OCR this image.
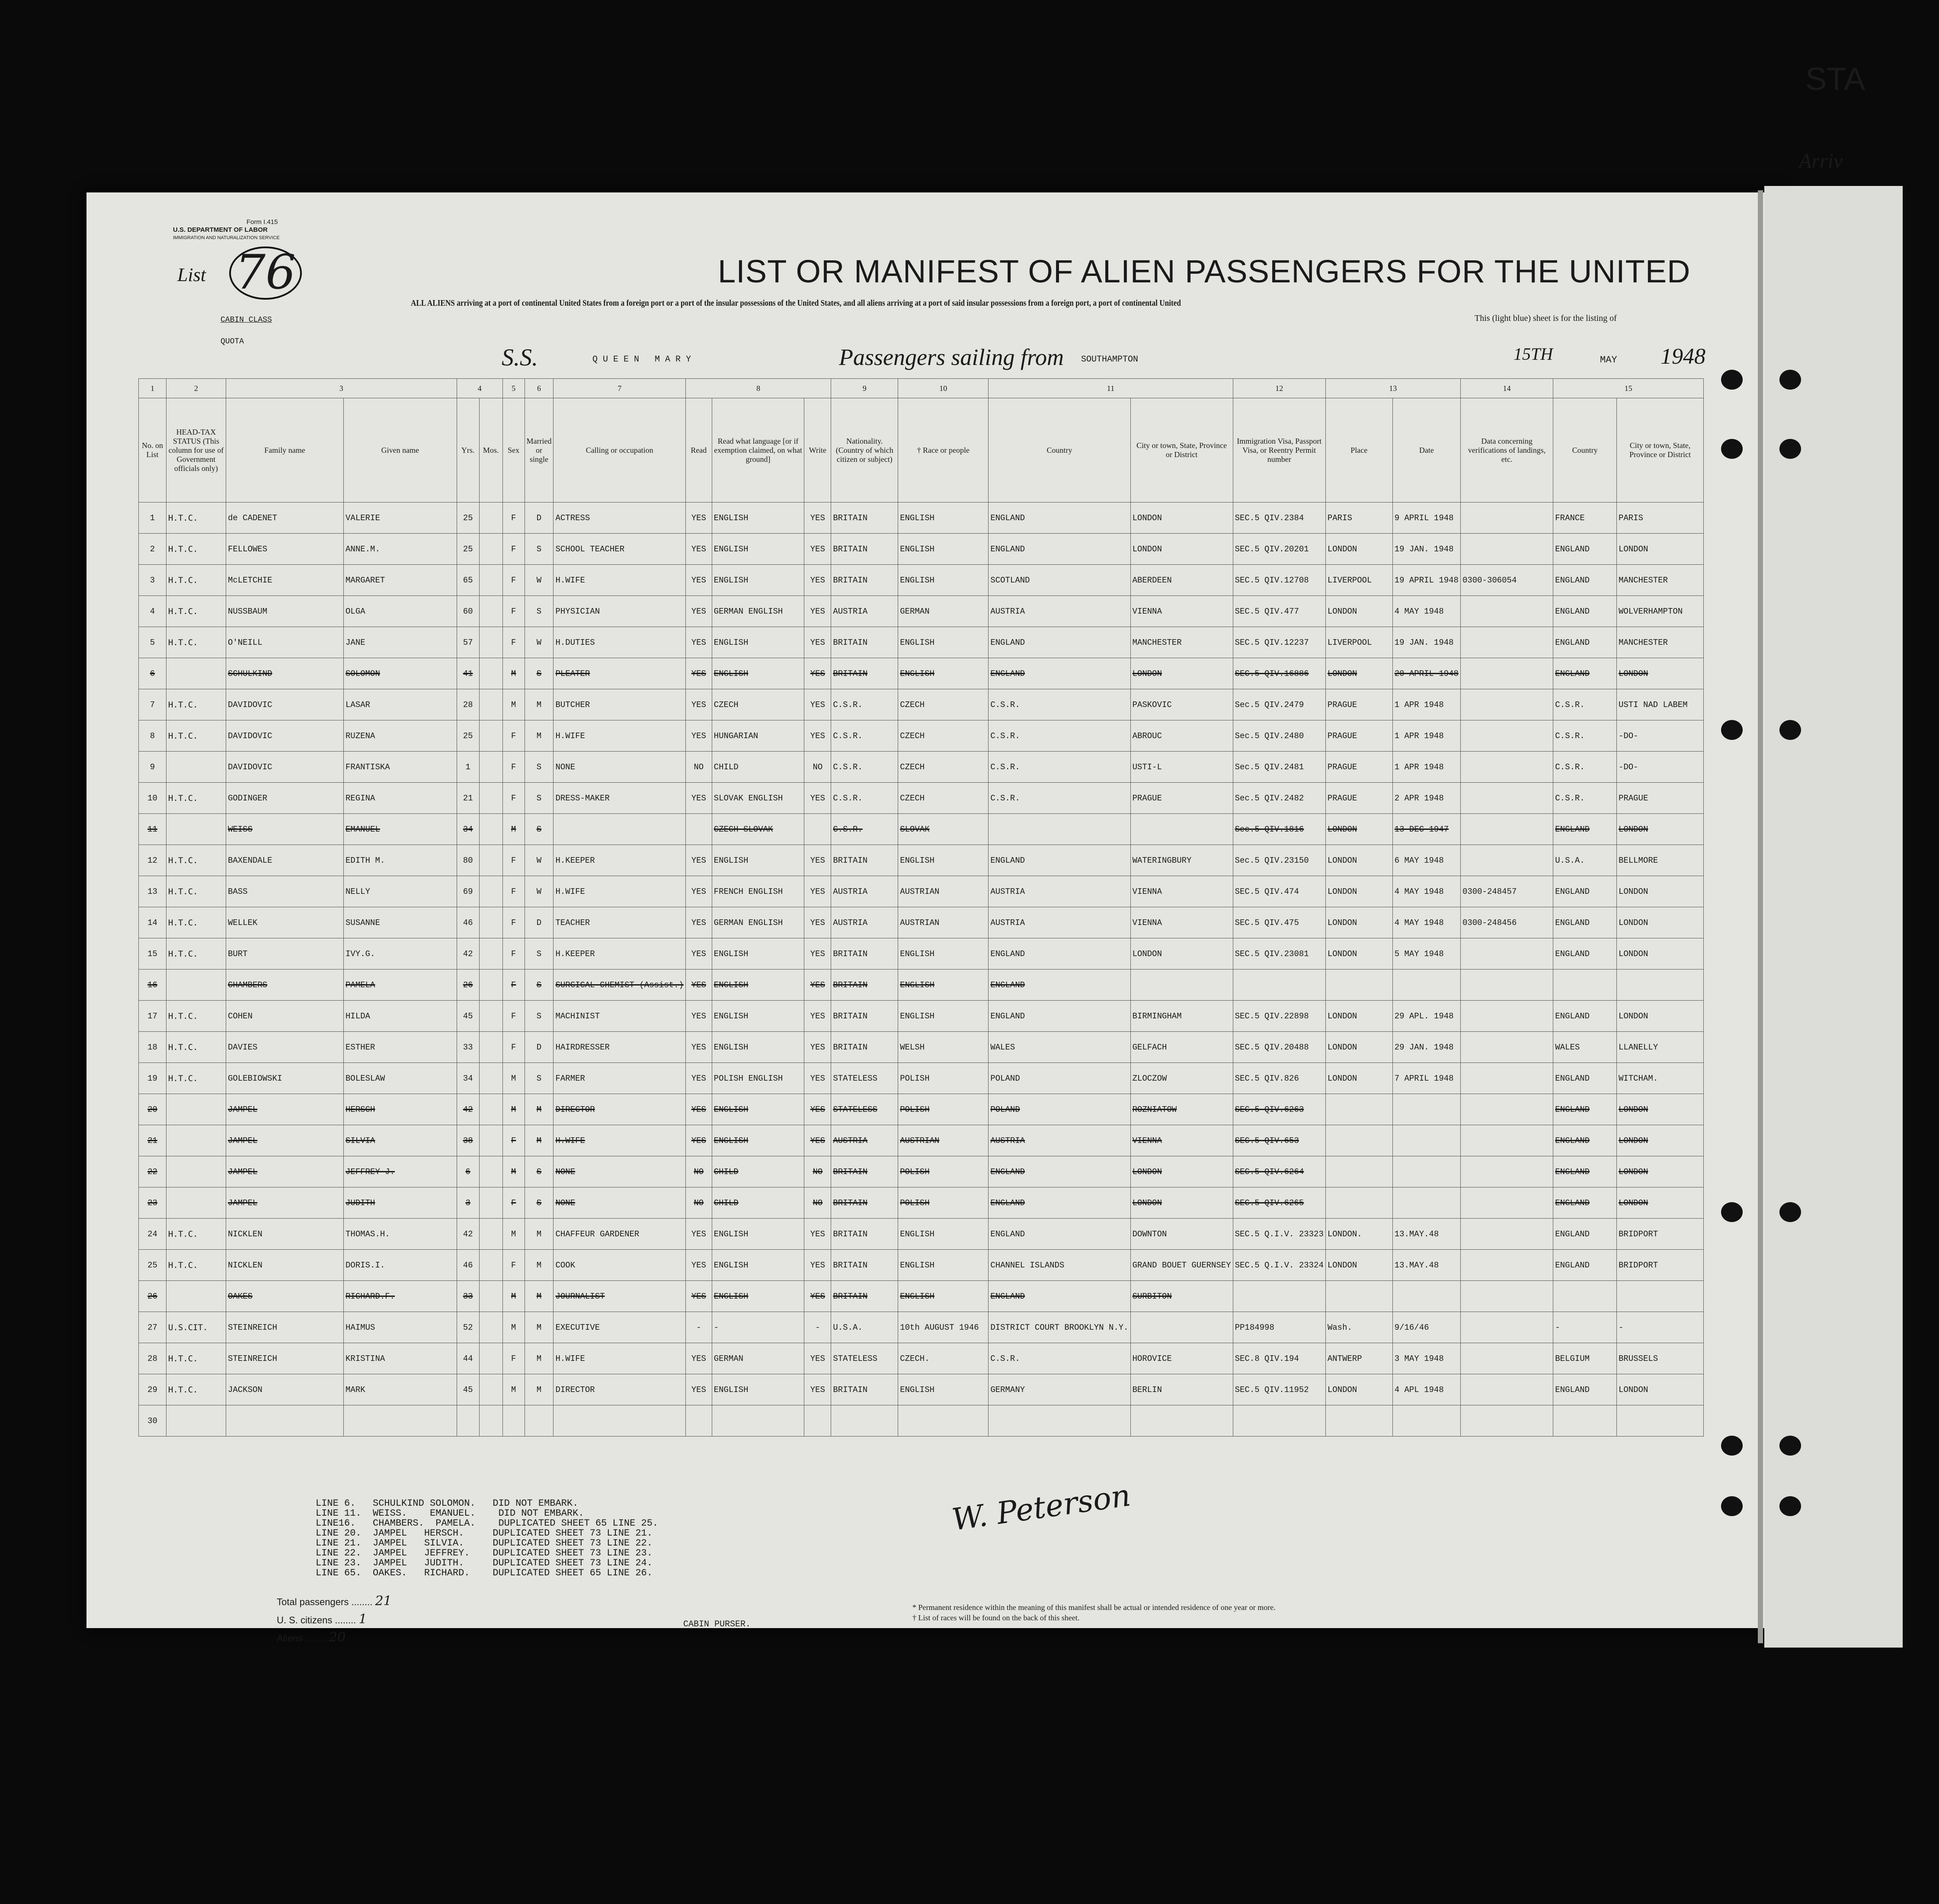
Form I.415
U.S. DEPARTMENT OF LABOR
IMMIGRATION AND NATURALIZATION SERVICE
List 76
CABIN CLASS
QUOTA
LIST OR MANIFEST OF ALIEN PASSENGERS FOR THE UNITED
ALL ALIENS arriving at a port of continental United States from a foreign port or a port of the insular possessions of the United States, and all aliens arriving at a port of said insular possessions from a foreign port, a port of continental United
This (light blue) sheet is for the listing of
S.S.	QUEEN MARY	Passengers sailing from SOUTHAMPTON	15TH	MAY 1948
1	2	3		4		5	6	7	8			9	10	11		12	13		14	15	
No. on List	HEAD-TAX STATUS (This column for use of Government officials only)	Family name	Given name	Yrs.	Mos.	Sex	Married or single	Calling or occupation	Read	Read what language [or if exemption claimed, on what ground]	Write	Nationality. (Country of which citizen or subject)	† Race or people	Country	City or town, State, Province or District	Immigration Visa, Passport Visa, or Reentry Permit number	Place	Date	Data concerning verifications of landings, etc.	Country	City or town, State, Province or District
1	H.T.C.	de CADENET	VALERIE	25		F	D	ACTRESS	YES	ENGLISH	YES	BRITAIN	ENGLISH	ENGLAND	LONDON	SEC.5 QIV.2384	PARIS	9 APRIL 1948		FRANCE	PARIS
2	H.T.C.	FELLOWES	ANNE.M.	25		F	S	SCHOOL TEACHER	YES	ENGLISH	YES	BRITAIN	ENGLISH	ENGLAND	LONDON	SEC.5 QIV.20201	LONDON	19 JAN. 1948		ENGLAND	LONDON
3	H.T.C.	McLETCHIE	MARGARET	65		F	W	H.WIFE	YES	ENGLISH	YES	BRITAIN	ENGLISH	SCOTLAND	ABERDEEN	SEC.5 QIV.12708	LIVERPOOL	19 APRIL 1948	0300-306054	ENGLAND	MANCHESTER
4	H.T.C.	NUSSBAUM	OLGA	60		F	S	PHYSICIAN	YES	GERMAN ENGLISH	YES	AUSTRIA	GERMAN	AUSTRIA	VIENNA	SEC.5 QIV.477	LONDON	4 MAY 1948		ENGLAND	WOLVERHAMPTON
5	H.T.C.	O'NEILL	JANE	57		F	W	H.DUTIES	YES	ENGLISH	YES	BRITAIN	ENGLISH	ENGLAND	MANCHESTER	SEC.5 QIV.12237	LIVERPOOL	19 JAN. 1948		ENGLAND	MANCHESTER
6		SCHULKIND	SOLOMON	41		M	S	PLEATER	YES	ENGLISH	YES	BRITAIN	ENGLISH	ENGLAND	LONDON	SEC.5 QIV.16886	LONDON	20 APRIL 1948		ENGLAND	LONDON
7	H.T.C.	DAVIDOVIC	LASAR	28		M	M	BUTCHER	YES	CZECH	YES	C.S.R.	CZECH	C.S.R.	PASKOVIC	Sec.5 QIV.2479	PRAGUE	1 APR 1948		C.S.R.	USTI NAD LABEM
8	H.T.C.	DAVIDOVIC	RUZENA	25		F	M	H.WIFE	YES	HUNGARIAN	YES	C.S.R.	CZECH	C.S.R.	ABROUC	Sec.5 QIV.2480	PRAGUE	1 APR 1948		C.S.R.	-DO-
9		DAVIDOVIC	FRANTISKA	1		F	S	NONE	NO	CHILD	NO	C.S.R.	CZECH	C.S.R.	USTI-L	Sec.5 QIV.2481	PRAGUE	1 APR 1948		C.S.R.	-DO-
10	H.T.C.	GODINGER	REGINA	21		F	S	DRESS-MAKER	YES	SLOVAK ENGLISH	YES	C.S.R.	CZECH	C.S.R.	PRAGUE	Sec.5 QIV.2482	PRAGUE	2 APR 1948		C.S.R.	PRAGUE
11		WEISS	EMANUEL	34		M	S			CZECH SLOVAK		C.S.R.	SLOVAK			Sec.5 QIV.1816	LONDON	13 DEC 1947		ENGLAND	LONDON
12	H.T.C.	BAXENDALE	EDITH M.	80		F	W	H.KEEPER	YES	ENGLISH	YES	BRITAIN	ENGLISH	ENGLAND	WATERINGBURY	Sec.5 QIV.23150	LONDON	6 MAY 1948		U.S.A.	BELLMORE
13	H.T.C.	BASS	NELLY	69		F	W	H.WIFE	YES	FRENCH ENGLISH	YES	AUSTRIA	AUSTRIAN	AUSTRIA	VIENNA	SEC.5 QIV.474	LONDON	4 MAY 1948	0300-248457	ENGLAND	LONDON
14	H.T.C.	WELLEK	SUSANNE	46		F	D	TEACHER	YES	GERMAN ENGLISH	YES	AUSTRIA	AUSTRIAN	AUSTRIA	VIENNA	SEC.5 QIV.475	LONDON	4 MAY 1948	0300-248456	ENGLAND	LONDON
15	H.T.C.	BURT	IVY.G.	42		F	S	H.KEEPER	YES	ENGLISH	YES	BRITAIN	ENGLISH	ENGLAND	LONDON	SEC.5 QIV.23081	LONDON	5 MAY 1948		ENGLAND	LONDON
16		CHAMBERS	PAMELA	26		F	S	SURGICAL CHEMIST (Assist.)	YES	ENGLISH	YES	BRITAIN	ENGLISH	ENGLAND							
17	H.T.C.	COHEN	HILDA	45		F	S	MACHINIST	YES	ENGLISH	YES	BRITAIN	ENGLISH	ENGLAND	BIRMINGHAM	SEC.5 QIV.22898	LONDON	29 APL. 1948		ENGLAND	LONDON
18	H.T.C.	DAVIES	ESTHER	33		F	D	HAIRDRESSER	YES	ENGLISH	YES	BRITAIN	WELSH	WALES	GELFACH	SEC.5 QIV.20488	LONDON	29 JAN. 1948		WALES	LLANELLY
19	H.T.C.	GOLEBIOWSKI	BOLESLAW	34		M	S	FARMER	YES	POLISH ENGLISH	YES	STATELESS	POLISH	POLAND	ZLOCZOW	SEC.5 QIV.826	LONDON	7 APRIL 1948		ENGLAND	WITCHAM.
20		JAMPEL	HERSCH	42		M	M	DIRECTOR	YES	ENGLISH	YES	STATELESS	POLISH	POLAND	ROZNIATOW	SEC.5 QIV.6263				ENGLAND	LONDON
21		JAMPEL	SILVIA	38		F	M	H.WIFE	YES	ENGLISH	YES	AUSTRIA	AUSTRIAN	AUSTRIA	VIENNA	SEC.5 QIV.653				ENGLAND	LONDON
22		JAMPEL	JEFFREY J.	6		M	S	NONE	NO	CHILD	NO	BRITAIN	POLISH	ENGLAND	LONDON	SEC.5 QIV.6264				ENGLAND	LONDON
23		JAMPEL	JUDITH	3		F	S	NONE	NO	CHILD	NO	BRITAIN	POLISH	ENGLAND	LONDON	SEC.5 QIV.6265				ENGLAND	LONDON
24	H.T.C.	NICKLEN	THOMAS.H.	42		M	M	CHAFFEUR GARDENER	YES	ENGLISH	YES	BRITAIN	ENGLISH	ENGLAND	DOWNTON	SEC.5 Q.I.V. 23323	LONDON.	13.MAY.48		ENGLAND	BRIDPORT
25	H.T.C.	NICKLEN	DORIS.I.	46		F	M	COOK	YES	ENGLISH	YES	BRITAIN	ENGLISH	CHANNEL ISLANDS	GRAND BOUET GUERNSEY	SEC.5 Q.I.V. 23324	LONDON	13.MAY.48		ENGLAND	BRIDPORT
26		OAKES	RICHARD.F.	33		M	M	JOURNALIST	YES	ENGLISH	YES	BRITAIN	ENGLISH	ENGLAND	SURBITON						
27	U.S.CIT.	STEINREICH	HAIMUS	52		M	M	EXECUTIVE	-	-	-	U.S.A.	10th AUGUST 1946	DISTRICT COURT BROOKLYN N.Y.		PP184998	Wash.	9/16/46		-	-
28	H.T.C.	STEINREICH	KRISTINA	44		F	M	H.WIFE	YES	GERMAN	YES	STATELESS	CZECH.	C.S.R.	HOROVICE	SEC.8 QIV.194	ANTWERP	3 MAY 1948		BELGIUM	BRUSSELS
29	H.T.C.	JACKSON	MARK	45		M	M	DIRECTOR	YES	ENGLISH	YES	BRITAIN	ENGLISH	GERMANY	BERLIN	SEC.5 QIV.11952	LONDON	4 APL 1948		ENGLAND	LONDON
30																					
LINE 6.   SCHULKIND SOLOMON.   DID NOT EMBARK.
LINE 11.  WEISS.    EMANUEL.    DID NOT EMBARK.
LINE16.   CHAMBERS.  PAMELA.    DUPLICATED SHEET 65 LINE 25.
LINE 20.  JAMPEL   HERSCH.     DUPLICATED SHEET 73 LINE 21.
LINE 21.  JAMPEL   SILVIA.     DUPLICATED SHEET 73 LINE 22.
LINE 22.  JAMPEL   JEFFREY.    DUPLICATED SHEET 73 LINE 23.
LINE 23.  JAMPEL   JUDITH.     DUPLICATED SHEET 73 LINE 24.
LINE 65.  OAKES.   RICHARD.    DUPLICATED SHEET 65 LINE 26.
Total passengers ........ 21
U. S. citizens ........ 1
Aliens ........ 20
CABIN PURSER.
* Permanent residence within the meaning of this manifest shall be actual or intended residence of one year or more.
† List of races will be found on the back of this sheet.
W. Peterson
STA
Arriv
